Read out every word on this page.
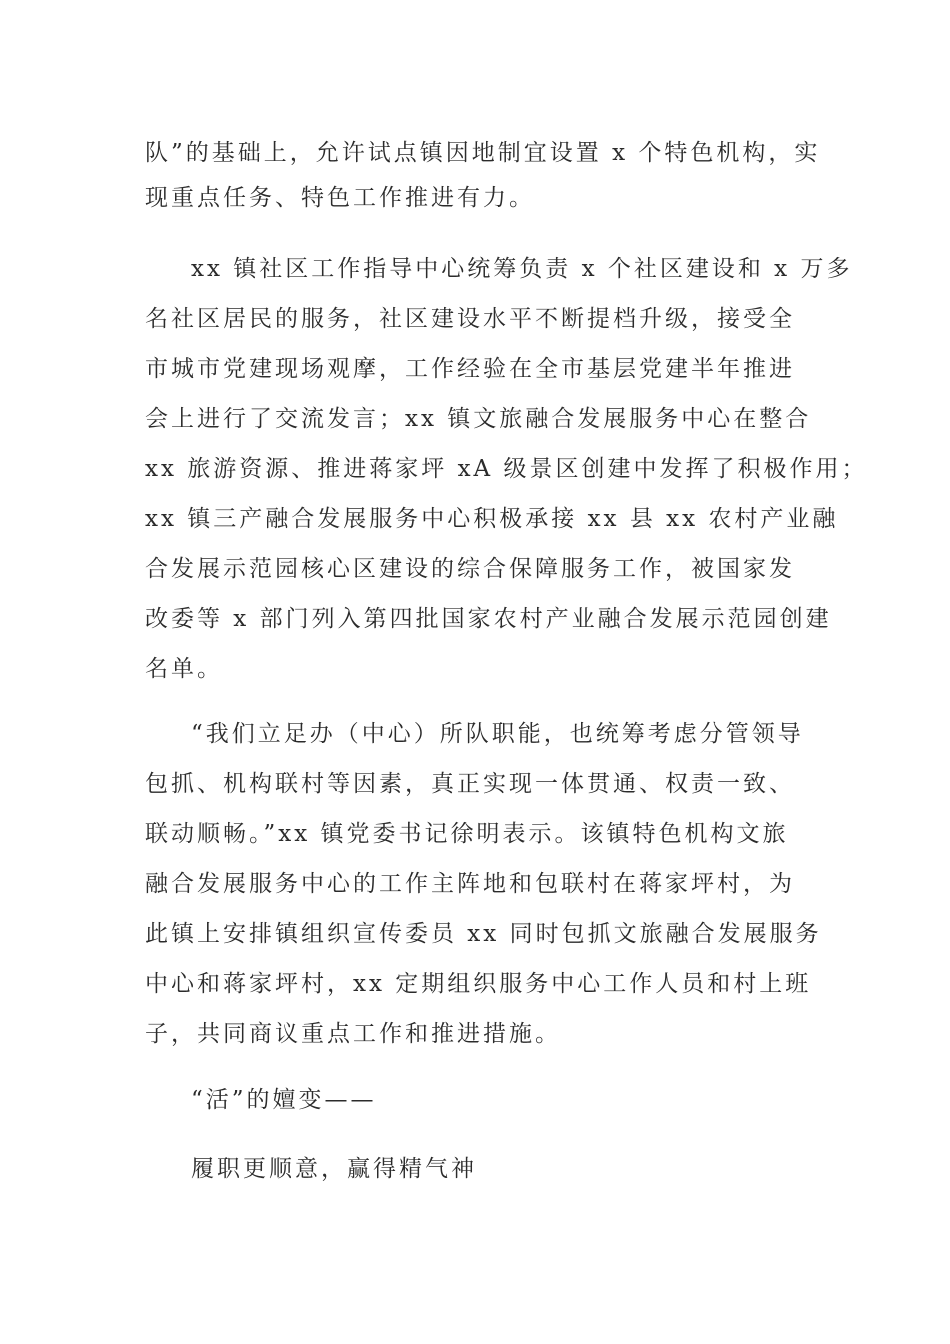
队”的基础上，允许试点镇因地制宜设置 x 个特色机构，实
现重点任务、特色工作推进有力。
xx 镇社区工作指导中心统筹负责 x 个社区建设和 x 万多
名社区居民的服务，社区建设水平不断提档升级，接受全
市城市党建现场观摩，工作经验在全市基层党建半年推进
会上进行了交流发言；xx 镇文旅融合发展服务中心在整合
xx 旅游资源、推进蒋家坪 xA 级景区创建中发挥了积极作用；
xx 镇三产融合发展服务中心积极承接 xx 县 xx 农村产业融
合发展示范园核心区建设的综合保障服务工作，被国家发
改委等 x 部门列入第四批国家农村产业融合发展示范园创建
名单。
“我们立足办（中心）所队职能，也统筹考虑分管领导
包抓、机构联村等因素，真正实现一体贯通、权责一致、
联动顺畅。”xx 镇党委书记徐明表示。该镇特色机构文旅
融合发展服务中心的工作主阵地和包联村在蒋家坪村，为
此镇上安排镇组织宣传委员 xx 同时包抓文旅融合发展服务
中心和蒋家坪村，xx 定期组织服务中心工作人员和村上班
子，共同商议重点工作和推进措施。
“活”的嬗变——
履职更顺意，赢得精气神
